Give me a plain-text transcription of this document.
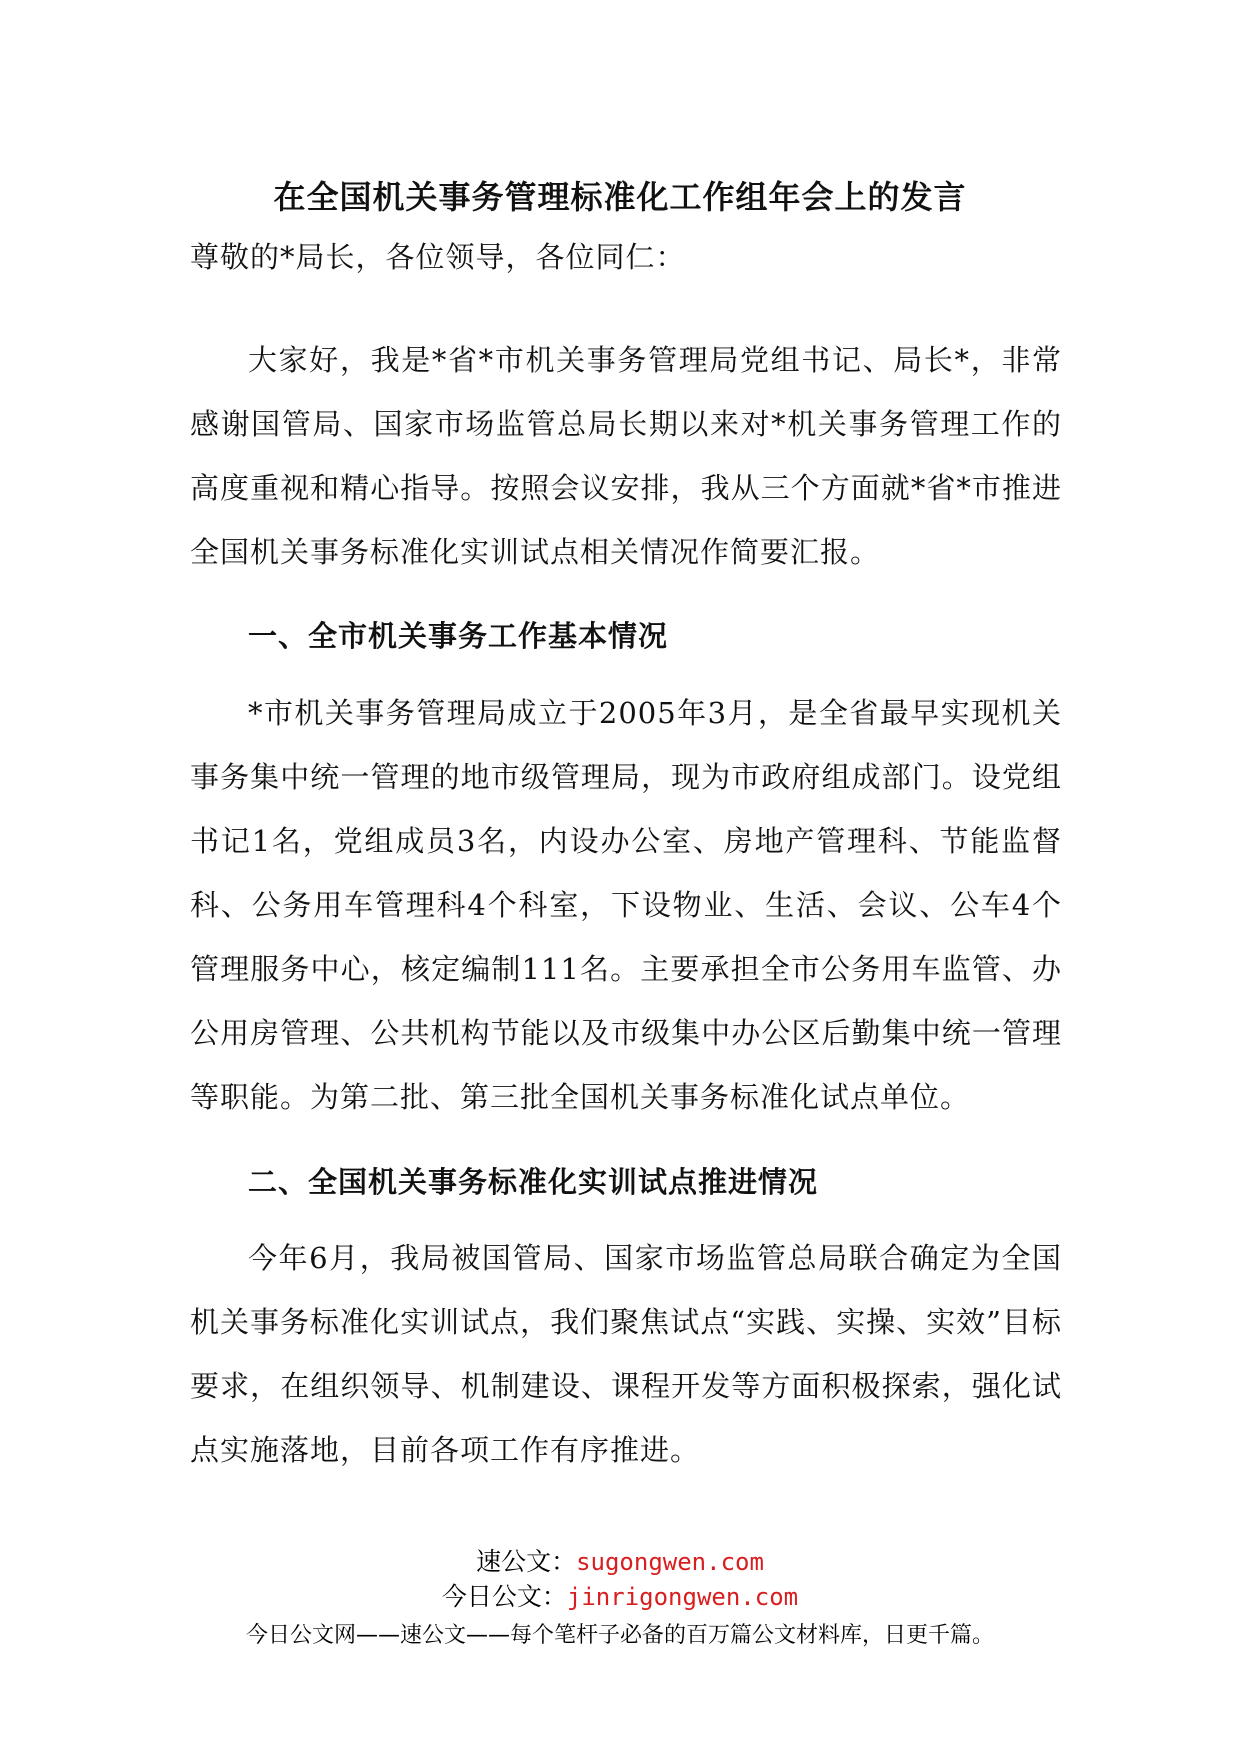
在全国机关事务管理标准化工作组年会上的发言

尊敬的*局长，各位领导，各位同仁：

大家好，我是*省*市机关事务管理局党组书记、局长*，非常感谢国管局、国家市场监管总局长期以来对*机关事务管理工作的高度重视和精心指导。按照会议安排，我从三个方面就*省*市推进全国机关事务标准化实训试点相关情况作简要汇报。

一、全市机关事务工作基本情况

*市机关事务管理局成立于2005年3月，是全省最早实现机关事务集中统一管理的地市级管理局，现为市政府组成部门。设党组书记1名，党组成员3名，内设办公室、房地产管理科、节能监督科、公务用车管理科4个科室，下设物业、生活、会议、公车4个管理服务中心，核定编制111名。主要承担全市公务用车监管、办公用房管理、公共机构节能以及市级集中办公区后勤集中统一管理等职能。为第二批、第三批全国机关事务标准化试点单位。

二、全国机关事务标准化实训试点推进情况

今年6月，我局被国管局、国家市场监管总局联合确定为全国机关事务标准化实训试点，我们聚焦试点“实践、实操、实效”目标要求，在组织领导、机制建设、课程开发等方面积极探索，强化试点实施落地，目前各项工作有序推进。

速公文：sugongwen.com
今日公文：jinrigongwen.com
今日公文网——速公文——每个笔杆子必备的百万篇公文材料库，日更千篇。
